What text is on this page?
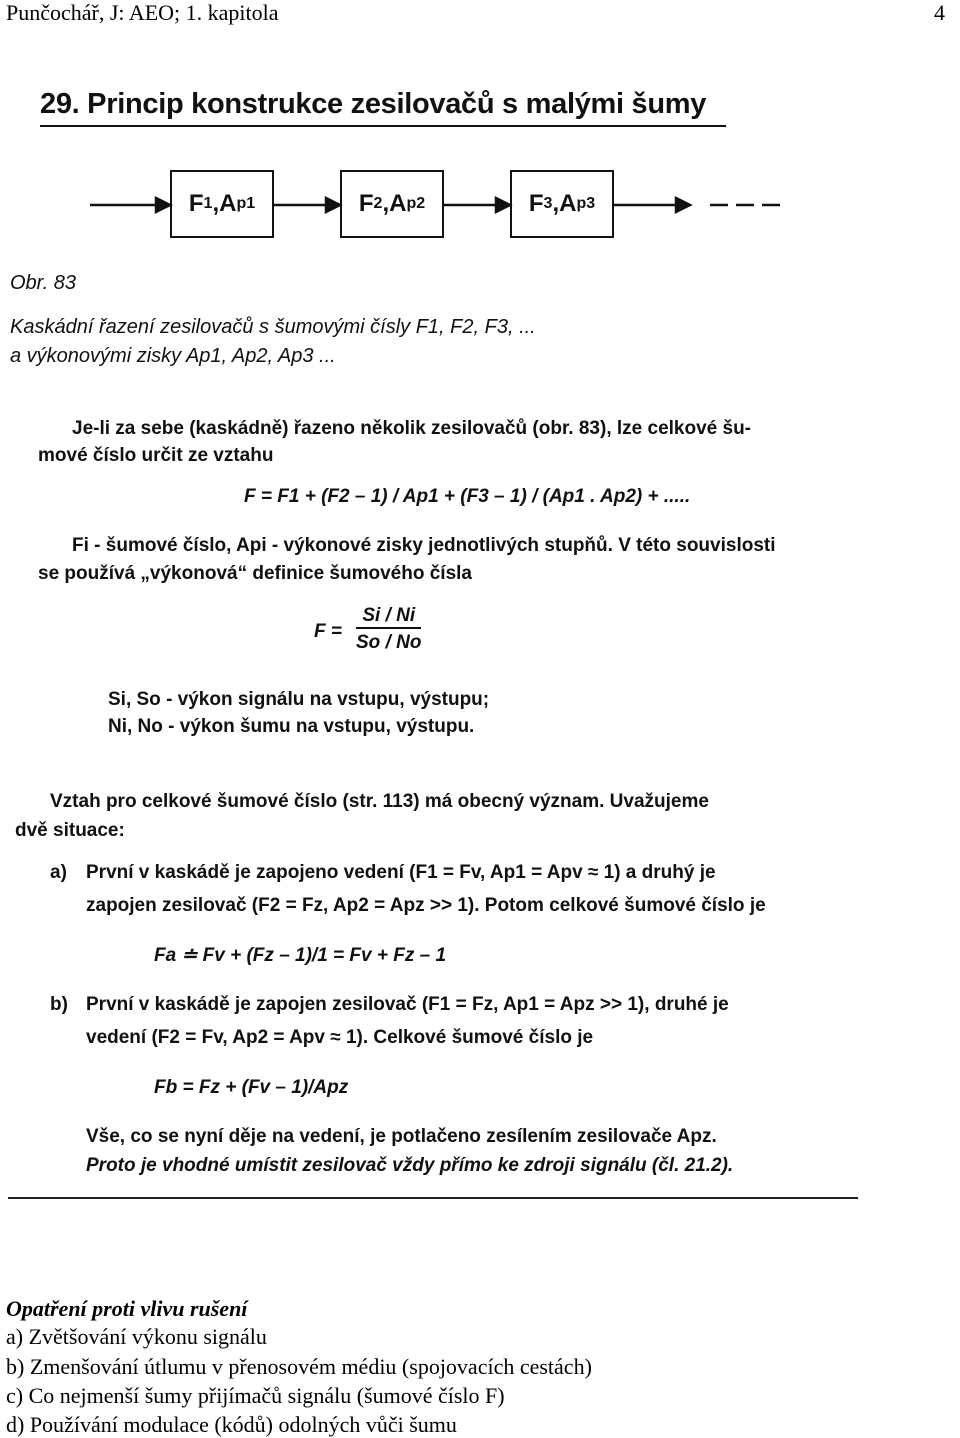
Punčochář, J: AEO; 1. kapitola	4
29. Princip konstrukce zesilovačů s malými šumy
F 1 , A p1	F 2 , A p2	F 3 , A p3
Obr. 83
Kaskádní řazení zesilovačů s šumovými čísly F1, F2, F3, ...
a výkonovými zisky Ap1, Ap2, Ap3 ...
Je-li za sebe (kaskádně) řazeno několik zesilovačů (obr. 83), lze celkové šu-
mové číslo určit ze vztahu
F = F1 + (F2 – 1) / Ap1 + (F3 – 1) / (Ap1 . Ap2) + .....
Fi - šumové číslo, Api - výkonové zisky jednotlivých stupňů. V této souvislosti
se používá „výkonová“ definice šumového čísla
$F = \frac{Si / Ni}{So / No}$
Si, So - výkon signálu na vstupu, výstupu;
Ni, No - výkon šumu na vstupu, výstupu.
Vztah pro celkové šumové číslo (str. 113) má obecný význam. Uvažujeme
dvě situace:
a) První v kaskádě je zapojeno vedení (F1 = Fv, Ap1 = Apv ≈ 1) a druhý je
zapojen zesilovač (F2 = Fz, Ap2 = Apz >> 1). Potom celkové šumové číslo je
Fa ≐ Fv + (Fz – 1)/1 = Fv + Fz – 1
b) První v kaskádě je zapojen zesilovač (F1 = Fz, Ap1 = Apz >> 1), druhé je
vedení (F2 = Fv, Ap2 = Apv ≈ 1). Celkové šumové číslo je
Fb = Fz + (Fv – 1)/Apz
Vše, co se nyní děje na vedení, je potlačeno zesílením zesilovače Apz.
Proto je vhodné umístit zesilovač vždy přímo ke zdroji signálu (čl. 21.2).
Opatření proti vlivu rušení
a) Zvětšování výkonu signálu
b) Zmenšování útlumu v přenosovém médiu (spojovacích cestách)
c) Co nejmenší šumy přijímačů signálu (šumové číslo F)
d) Používání modulace (kódů) odolných vůči šumu
